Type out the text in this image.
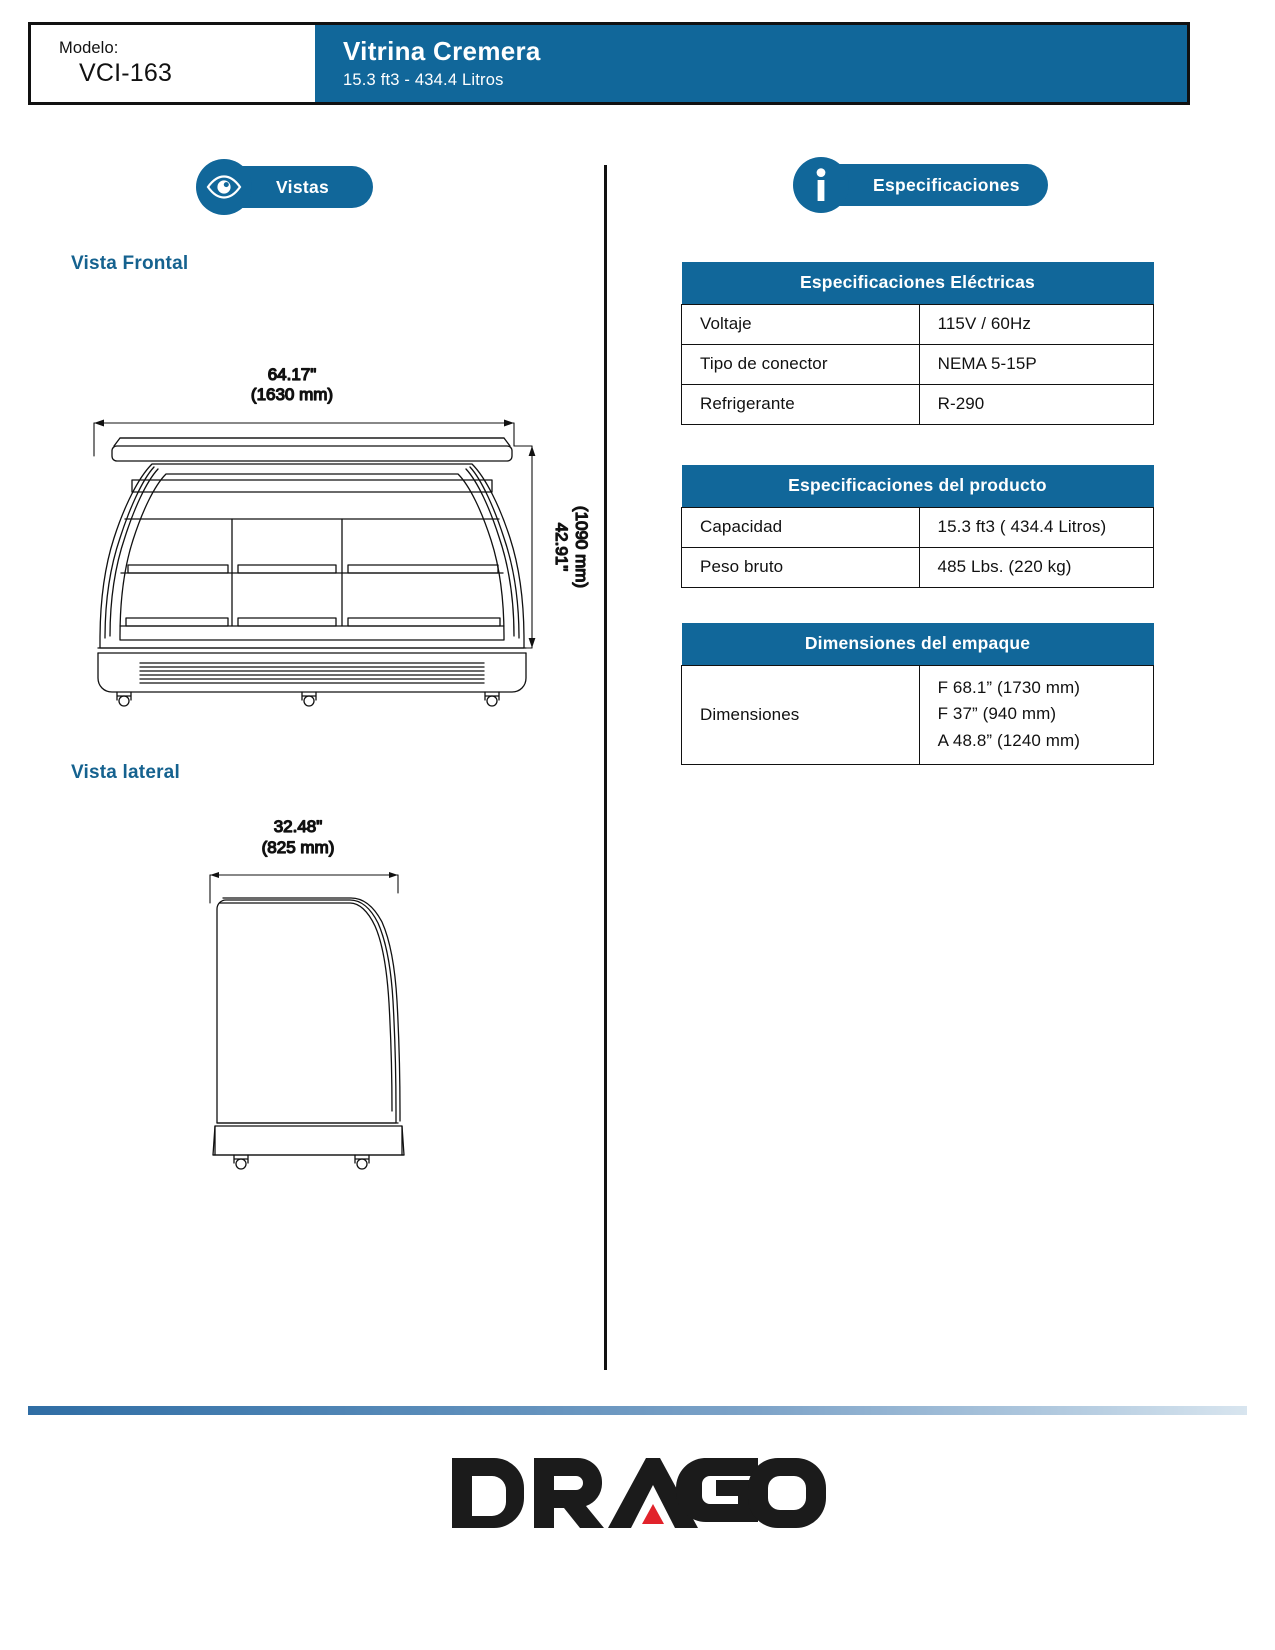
Modelo:
VCI-163
Vitrina Cremera
15.3 ft3 - 434.4 Litros
Vistas	Especificaciones
Vista Frontal
Vista lateral
64.17"
(1630 mm)
42.91" (1090 mm)
32.48"
(825 mm)
Especificaciones Eléctricas	
Voltaje	115V / 60Hz
Tipo de conector	NEMA 5-15P
Refrigerante	R-290
Especificaciones del producto	
Capacidad	15.3 ft3 ( 434.4 Litros)
Peso bruto	485 Lbs. (220 kg)
Dimensiones del empaque
Dimensiones	
F 68.1” (1730 mm)
F 37” (940 mm)
A 48.8” (1240 mm)
